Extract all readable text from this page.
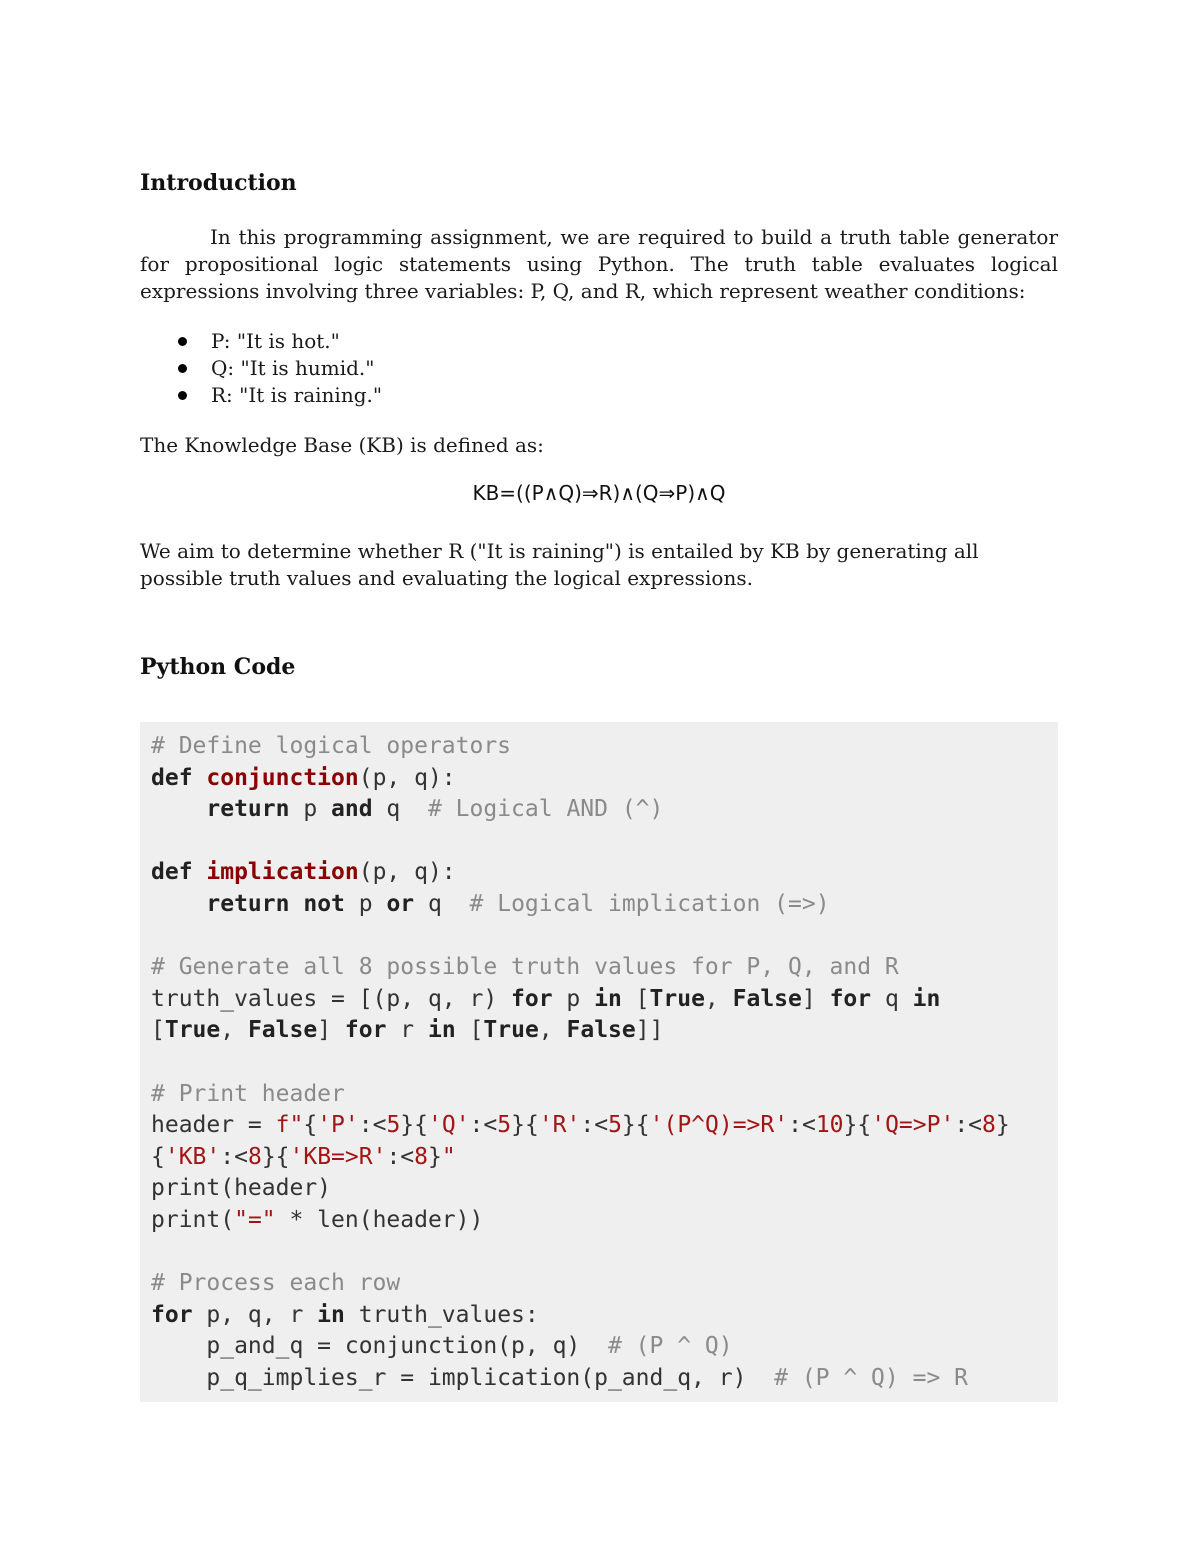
Introduction

In this programming assignment, we are required to build a truth table generator for propositional logic statements using Python. The truth table evaluates logical expressions involving three variables: P, Q, and R, which represent weather conditions:

P: "It is hot."
Q: "It is humid."
R: "It is raining."

The Knowledge Base (KB) is defined as:

KB=((P∧Q)⇒R)∧(Q⇒P)∧Q

We aim to determine whether R ("It is raining") is entailed by KB by generating all possible truth values and evaluating the logical expressions.

Python Code
# Define logical operators
def conjunction(p, q):
return p and q  # Logical AND (^)

def implication(p, q):
return not p or q  # Logical implication (=>)

# Generate all 8 possible truth values for P, Q, and R
truth_values = [(p, q, r) for p in [True, False] for q in
[True, False] for r in [True, False]]

# Print header
header = f"{'P':<5}{'Q':<5}{'R':<5}{'(P^Q)=>R':<10}{'Q=>P':<8}
{'KB':<8}{'KB=>R':<8}"
print(header)
print("=" * len(header))

# Process each row
for p, q, r in truth_values:
p_and_q = conjunction(p, q)  # (P ^ Q)
p_q_implies_r = implication(p_and_q, r)  # (P ^ Q) => R
